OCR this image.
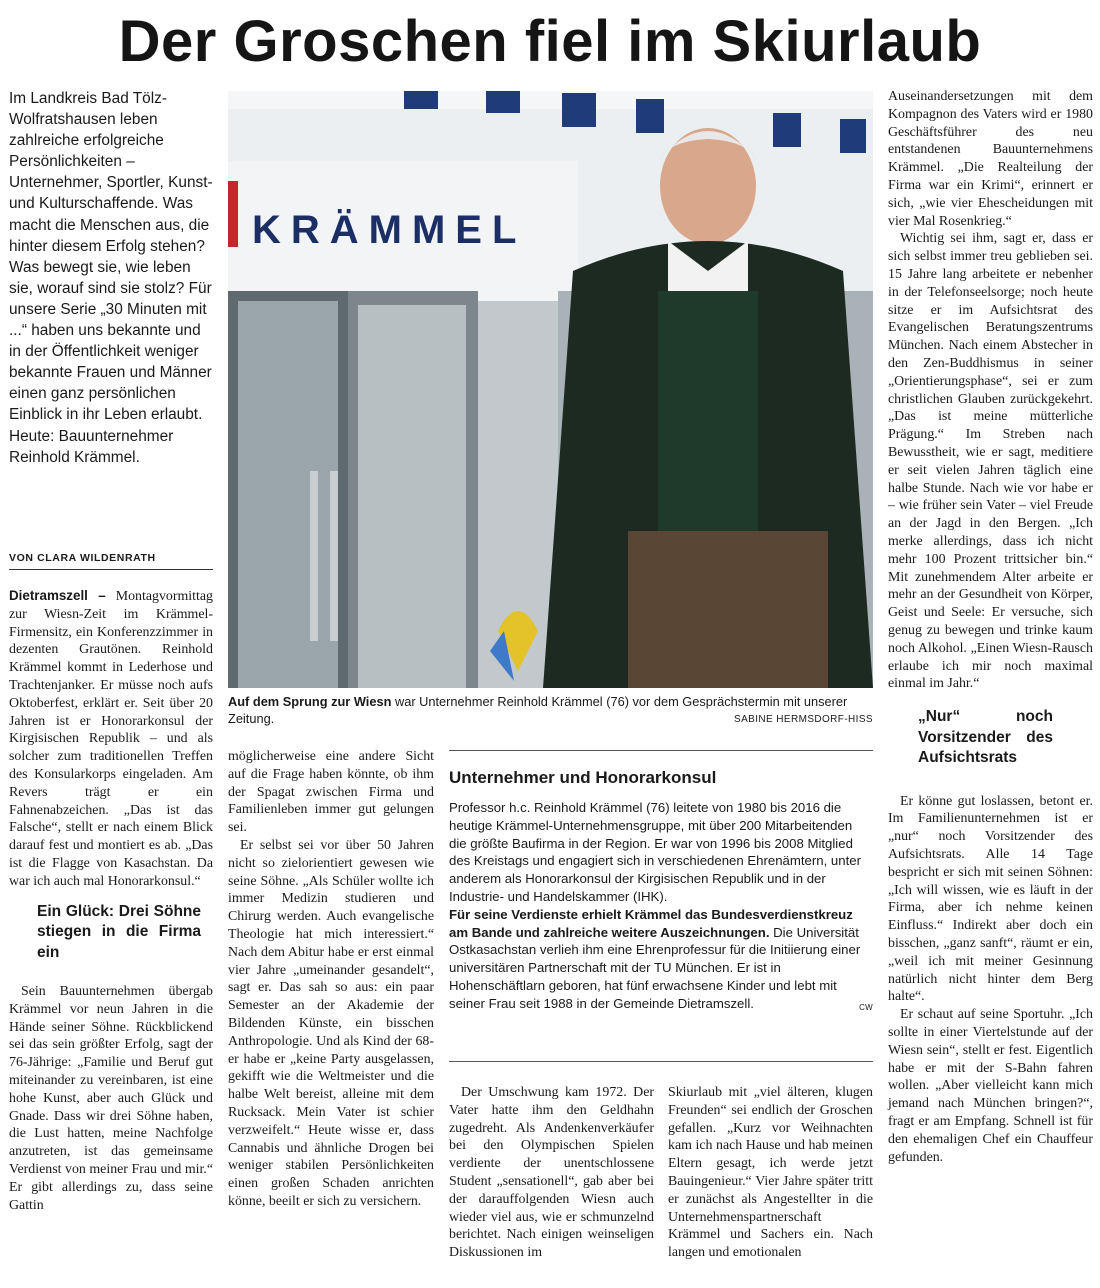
Der Groschen fiel im Skiurlaub

Im Landkreis Bad Tölz-Wolfratshausen leben zahlreiche erfolgreiche Persönlichkeiten – Unternehmer, Sportler, Kunst- und Kulturschaffende. Was macht die Menschen aus, die hinter diesem Erfolg stehen? Was bewegt sie, wie leben sie, worauf sind sie stolz? Für unsere Serie „30 Minuten mit ...“ haben uns bekannte und in der Öffentlichkeit weniger bekannte Frauen und Männer einen ganz persönlichen Einblick in ihr Leben erlaubt. Heute: Bauunternehmer Reinhold Krämmel.

VON CLARA WILDENRATH

Dietramszell – Montagvormittag zur Wiesn-Zeit im Krämmel-Firmensitz, ein Konferenzzimmer in dezenten Grautönen. Reinhold Krämmel kommt in Lederhose und Trachtenjanker. Er müsse noch aufs Oktoberfest, erklärt er. Seit über 20 Jahren ist er Honorarkonsul der Kirgisischen Republik – und als solcher zum traditionellen Treffen des Konsularkorps eingeladen. Am Revers trägt er ein Fahnenabzeichen. „Das ist das Falsche“, stellt er nach einem Blick darauf fest und montiert es ab. „Das ist die Flagge von Kasachstan. Da war ich auch mal Honorarkonsul.“

Ein Glück: Drei Söhne stiegen in die Firma ein

Sein Bauunternehmen übergab Krämmel vor neun Jahren in die Hände seiner Söhne. Rückblickend sei das sein größter Erfolg, sagt der 76-Jährige: „Familie und Beruf gut miteinander zu vereinbaren, ist eine hohe Kunst, aber auch Glück und Gnade. Dass wir drei Söhne haben, die Lust hatten, meine Nachfolge anzutreten, ist das gemeinsame Verdienst von meiner Frau und mir.“ Er gibt allerdings zu, dass seine Gattin

KRÄMMEL
Auf dem Sprung zur Wiesn war Unternehmer Reinhold Krämmel (76) vor dem Gesprächstermin mit unserer Zeitung.	SABINE HERMSDORF-HISS

möglicherweise eine andere Sicht auf die Frage haben könnte, ob ihm der Spagat zwischen Firma und Familienleben immer gut gelungen sei.

Er selbst sei vor über 50 Jahren nicht so zielorientiert gewesen wie seine Söhne. „Als Schüler wollte ich immer Medizin studieren und Chirurg werden. Auch evangelische Theologie hat mich interessiert.“ Nach dem Abitur habe er erst einmal vier Jahre „umeinander gesandelt“, sagt er. Das sah so aus: ein paar Semester an der Akademie der Bildenden Künste, ein bisschen Anthropologie. Und als Kind der 68-er habe er „keine Party ausgelassen, gekifft wie die Weltmeister und die halbe Welt bereist, alleine mit dem Rucksack. Mein Vater ist schier verzweifelt.“ Heute wisse er, dass Cannabis und ähnliche Drogen bei weniger stabilen Persönlichkeiten einen großen Schaden anrichten könne, beeilt er sich zu versichern.

Unternehmer und Honorarkonsul

Professor h.c. Reinhold Krämmel (76) leitete von 1980 bis 2016 die heutige Krämmel-Unternehmensgruppe, mit über 200 Mitarbeitenden die größte Baufirma in der Region. Er war von 1996 bis 2008 Mitglied des Kreistags und engagiert sich in verschiedenen Ehrenämtern, unter anderem als Honorarkonsul der Kirgisischen Republik und in der Industrie- und Handelskammer (IHK).

Für seine Verdienste erhielt Krämmel das Bundesverdienstkreuz am Bande und zahlreiche weitere Auszeichnungen. Die Universität Ostkasachstan verlieh ihm eine Ehrenprofessur für die Initiierung einer universitären Partnerschaft mit der TU München. Er ist in Hohenschäftlarn geboren, hat fünf erwachsene Kinder und lebt mit seiner Frau seit 1988 in der Gemeinde Dietramszell.	CW

Der Umschwung kam 1972. Der Vater hatte ihm den Geldhahn zugedreht. Als Andenkenverkäufer bei den Olympischen Spielen verdiente der unentschlossene Student „sensationell“, gab aber bei der darauffolgenden Wiesn auch wieder viel aus, wie er schmunzelnd berichtet. Nach einigen weinseligen Diskussionen im

Skiurlaub mit „viel älteren, klugen Freunden“ sei endlich der Groschen gefallen. „Kurz vor Weihnachten kam ich nach Hause und hab meinen Eltern gesagt, ich werde jetzt Bauingenieur.“ Vier Jahre später tritt er zunächst als Angestellter in die Unternehmenspartnerschaft Krämmel und Sachers ein. Nach langen und emotionalen

Auseinandersetzungen mit dem Kompagnon des Vaters wird er 1980 Geschäftsführer des neu entstandenen Bauunternehmens Krämmel. „Die Realteilung der Firma war ein Krimi“, erinnert er sich, „wie vier Ehescheidungen mit vier Mal Rosenkrieg.“

Wichtig sei ihm, sagt er, dass er sich selbst immer treu geblieben sei. 15 Jahre lang arbeitete er nebenher in der Telefonseelsorge; noch heute sitze er im Aufsichtsrat des Evangelischen Beratungszentrums München. Nach einem Abstecher in den Zen-Buddhismus in seiner „Orientierungsphase“, sei er zum christlichen Glauben zurückgekehrt. „Das ist meine mütterliche Prägung.“ Im Streben nach Bewusstheit, wie er sagt, meditiere er seit vielen Jahren täglich eine halbe Stunde. Nach wie vor habe er – wie früher sein Vater – viel Freude an der Jagd in den Bergen. „Ich merke allerdings, dass ich nicht mehr 100 Prozent trittsicher bin.“ Mit zunehmendem Alter arbeite er mehr an der Gesundheit von Körper, Geist und Seele: Er versuche, sich genug zu bewegen und trinke kaum noch Alkohol. „Einen Wiesn-Rausch erlaube ich mir noch maximal einmal im Jahr.“

„Nur“ noch Vorsitzender des Aufsichtsrats

Er könne gut loslassen, betont er. Im Familienunternehmen ist er „nur“ noch Vorsitzender des Aufsichtsrats. Alle 14 Tage bespricht er sich mit seinen Söhnen: „Ich will wissen, wie es läuft in der Firma, aber ich nehme keinen Einfluss.“ Indirekt aber doch ein bisschen, „ganz sanft“, räumt er ein, „weil ich mit meiner Gesinnung natürlich nicht hinter dem Berg halte“.

Er schaut auf seine Sportuhr. „Ich sollte in einer Viertelstunde auf der Wiesn sein“, stellt er fest. Eigentlich habe er mit der S-Bahn fahren wollen. „Aber vielleicht kann mich jemand nach München bringen?“, fragt er am Empfang. Schnell ist für den ehemaligen Chef ein Chauffeur gefunden.
